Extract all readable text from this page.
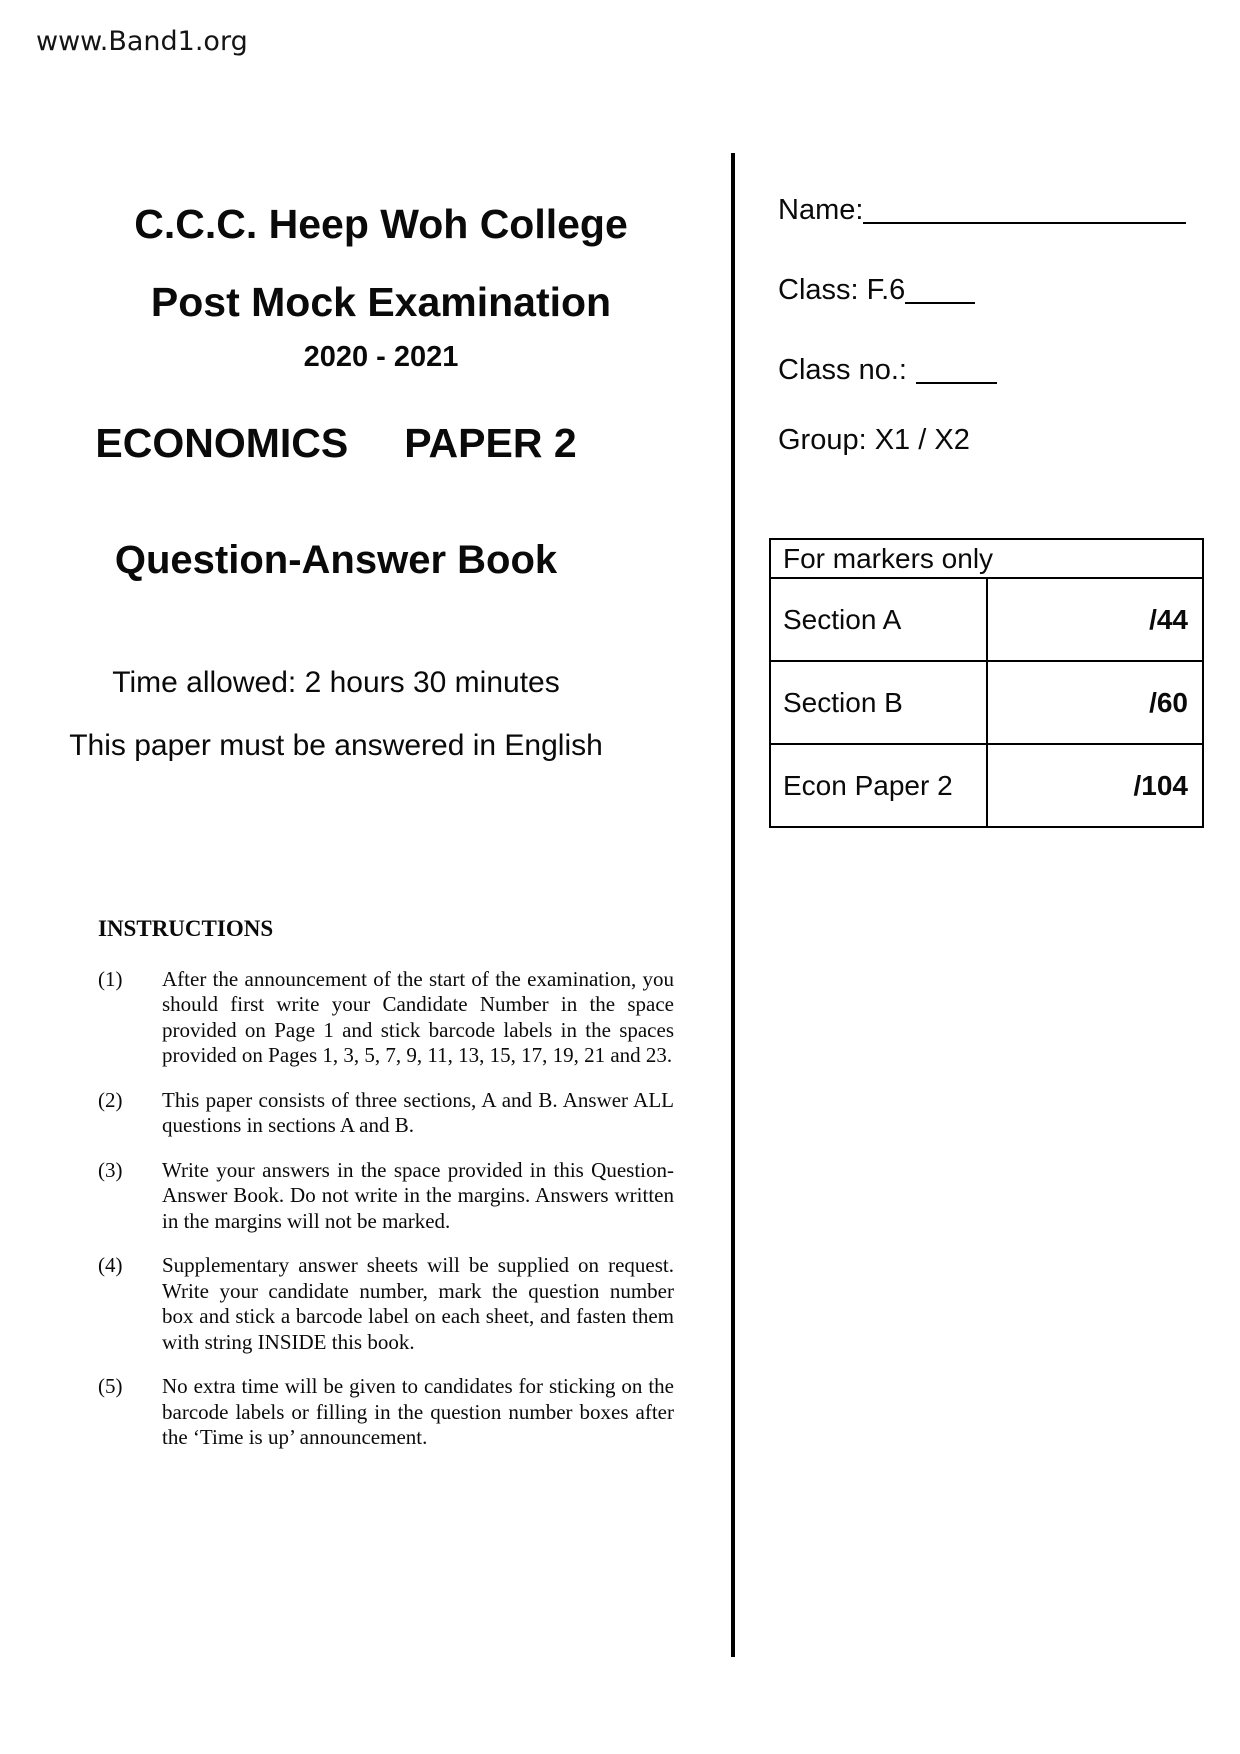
www.Band1.org
C.C.C. Heep Woh College
Post Mock Examination
2020 - 2021
ECONOMICS PAPER 2
Question-Answer Book
Time allowed: 2 hours 30 minutes
This paper must be answered in English
Name:
Class: F.6
Class no.:
Group: X1 / X2
For markers only
Section A	/44
Section B	/60
Econ Paper 2	/104
INSTRUCTIONS
(1)	After the announcement of the start of the examination, you should first write your Candidate Number in the space provided on Page 1 and stick barcode labels in the spaces provided on Pages 1, 3, 5, 7, 9, 11, 13, 15, 17, 19, 21 and 23.

(2)	This paper consists of three sections, A and B. Answer ALL questions in sections A and B.

(3)	Write your answers in the space provided in this Question-Answer Book. Do not write in the margins. Answers written in the margins will not be marked.

(4)	Supplementary answer sheets will be supplied on request. Write your candidate number, mark the question number box and stick a barcode label on each sheet, and fasten them with string INSIDE this book.

(5)	No extra time will be given to candidates for sticking on the barcode labels or filling in the question number boxes after the ‘Time is up’ announcement.
